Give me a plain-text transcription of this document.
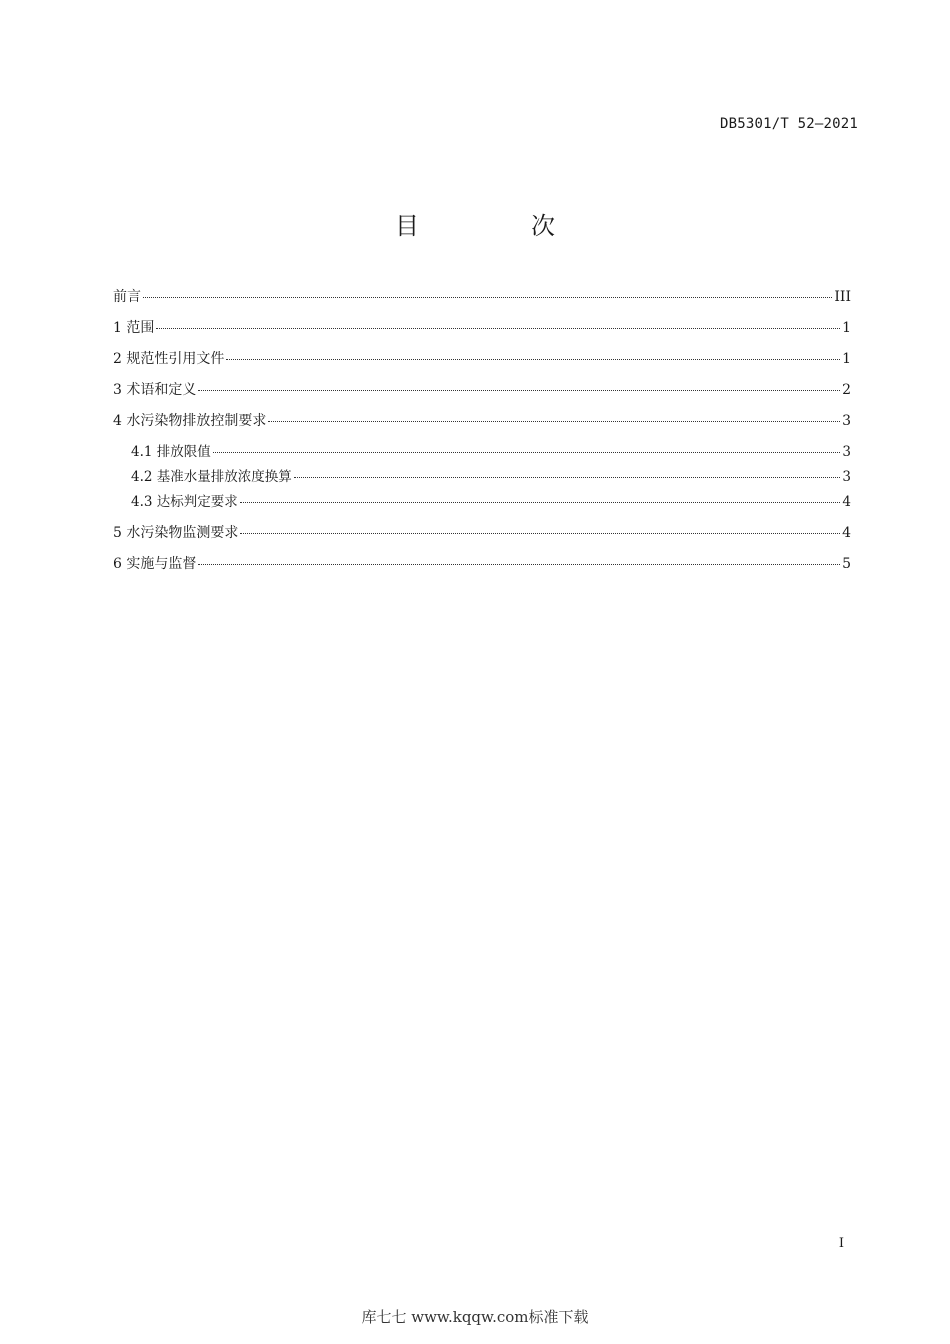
DB5301/T 52—2021
目　次
前言	III
1 范围	1
2 规范性引用文件	1
3 术语和定义	2
4 水污染物排放控制要求	3
4.1 排放限值	3
4.2 基准水量排放浓度换算	3
4.3 达标判定要求	4
5 水污染物监测要求	4
6 实施与监督	5
I
库七七 www.kqqw.com标准下载
